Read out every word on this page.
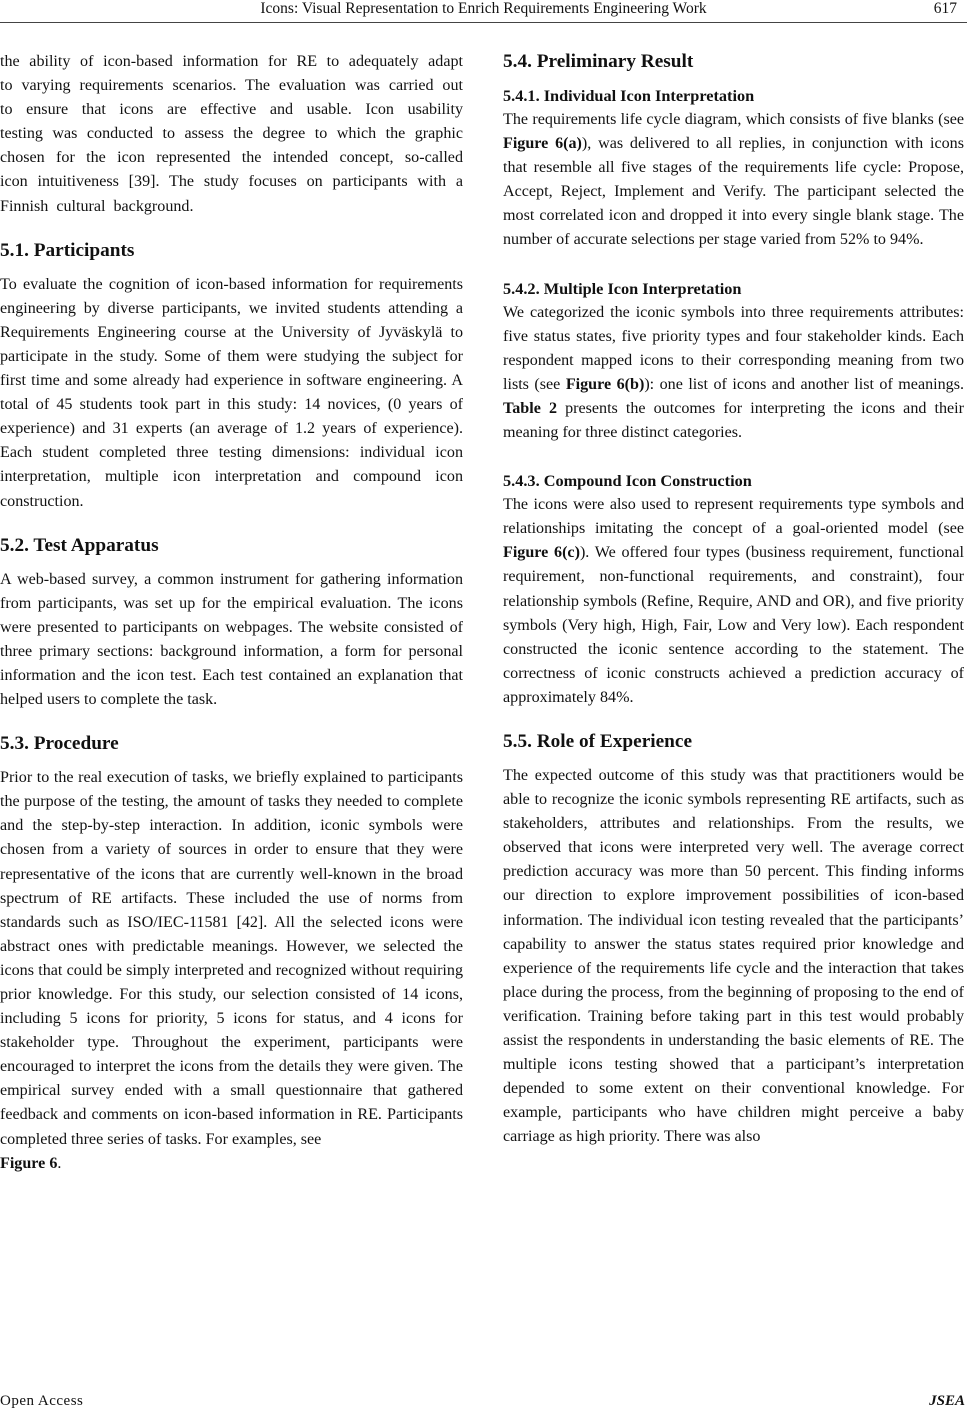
Icons: Visual Representation to Enrich Requirements Engineering Work	617

the ability of icon-based information for RE to adequately adapt to varying requirements scenarios. The evaluation was carried out to ensure that icons are effective and usable. Icon usability testing was conducted to assess the degree to which the graphic chosen for the icon represented the intended concept, so-called icon intuitiveness [39]. The study focuses on participants with a Finnish cultural background.

5.1. Participants

To evaluate the cognition of icon-based information for requirements engineering by diverse participants, we invited students attending a Requirements Engineering course at the University of Jyväskylä to participate in the study. Some of them were studying the subject for first time and some already had experience in software engineering. A total of 45 students took part in this study: 14 novices, (0 years of experience) and 31 experts (an average of 1.2 years of experience). Each student completed three testing dimensions: individual icon interpretation, multiple icon interpretation and compound icon construction.

5.2. Test Apparatus

A web-based survey, a common instrument for gathering information from participants, was set up for the empirical evaluation. The icons were presented to participants on webpages. The website consisted of three primary sections: background information, a form for personal information and the icon test. Each test contained an explanation that helped users to complete the task.

5.3. Procedure

Prior to the real execution of tasks, we briefly explained to participants the purpose of the testing, the amount of tasks they needed to complete and the step-by-step interaction. In addition, iconic symbols were chosen from a variety of sources in order to ensure that they were representative of the icons that are currently well-known in the broad spectrum of RE artifacts. These included the use of norms from standards such as ISO/IEC-11581 [42]. All the selected icons were abstract ones with predictable meanings. However, we selected the icons that could be simply interpreted and recognized without requiring prior knowledge. For this study, our selection consisted of 14 icons, including 5 icons for priority, 5 icons for status, and 4 icons for stakeholder type. Throughout the experiment, participants were encouraged to interpret the icons from the details they were given. The empirical survey ended with a small questionnaire that gathered feedback and comments on icon-based information in RE. Participants completed three series of tasks. For examples, see
Figure 6.

5.4. Preliminary Result

5.4.1. Individual Icon Interpretation

The requirements life cycle diagram, which consists of five blanks (see Figure 6(a)), was delivered to all replies, in conjunction with icons that resemble all five stages of the requirements life cycle: Propose, Accept, Reject, Implement and Verify. The participant selected the most correlated icon and dropped it into every single blank stage. The number of accurate selections per stage varied from 52% to 94%.

5.4.2. Multiple Icon Interpretation

We categorized the iconic symbols into three requirements attributes: five status states, five priority types and four stakeholder kinds. Each respondent mapped icons to their corresponding meaning from two lists (see Figure 6(b)): one list of icons and another list of meanings. Table 2 presents the outcomes for interpreting the icons and their meaning for three distinct categories.

5.4.3. Compound Icon Construction

The icons were also used to represent requirements type symbols and relationships imitating the concept of a goal-oriented model (see Figure 6(c)). We offered four types (business requirement, functional requirement, non-functional requirements, and constraint), four relationship symbols (Refine, Require, AND and OR), and five priority symbols (Very high, High, Fair, Low and Very low). Each respondent constructed the iconic sentence according to the statement. The correctness of iconic constructs achieved a prediction accuracy of approximately 84%.

5.5. Role of Experience

The expected outcome of this study was that practitioners would be able to recognize the iconic symbols representing RE artifacts, such as stakeholders, attributes and relationships. From the results, we observed that icons were interpreted very well. The average correct prediction accuracy was more than 50 percent. This finding informs our direction to explore improvement possibilities of icon-based information. The individual icon testing revealed that the participants’ capability to answer the status states required prior knowledge and experience of the requirements life cycle and the interaction that takes place during the process, from the beginning of proposing to the end of verification. Training before taking part in this test would probably assist the respondents in understanding the basic elements of RE. The multiple icons testing showed that a participant’s interpretation depended to some extent on their conventional knowledge. For example, participants who have children might perceive a baby carriage as high priority. There was also

Open Access	JSEA
